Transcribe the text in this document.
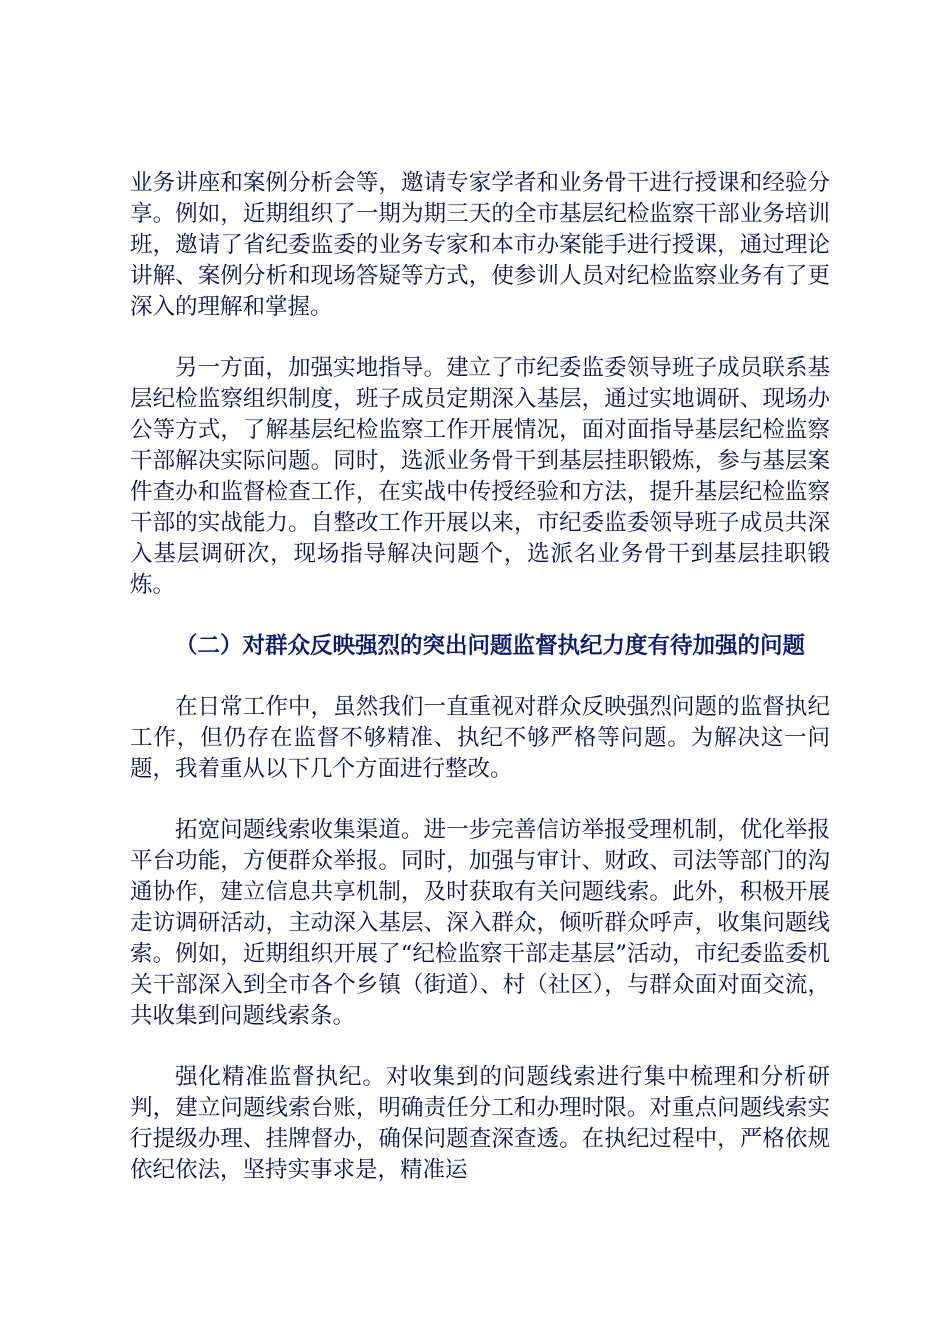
业务讲座和案例分析会等，邀请专家学者和业务骨干进行授课和经验分享。例如，近期组织了一期为期三天的全市基层纪检监察干部业务培训班，邀请了省纪委监委的业务专家和本市办案能手进行授课，通过理论讲解、案例分析和现场答疑等方式，使参训人员对纪检监察业务有了更深入的理解和掌握。

另一方面，加强实地指导。建立了市纪委监委领导班子成员联系基层纪检监察组织制度，班子成员定期深入基层，通过实地调研、现场办公等方式，了解基层纪检监察工作开展情况，面对面指导基层纪检监察干部解决实际问题。同时，选派业务骨干到基层挂职锻炼，参与基层案件查办和监督检查工作，在实战中传授经验和方法，提升基层纪检监察干部的实战能力。自整改工作开展以来，市纪委监委领导班子成员共深入基层调研次，现场指导解决问题个，选派名业务骨干到基层挂职锻炼。

（二）对群众反映强烈的突出问题监督执纪力度有待加强的问题

在日常工作中，虽然我们一直重视对群众反映强烈问题的监督执纪工作，但仍存在监督不够精准、执纪不够严格等问题。为解决这一问题，我着重从以下几个方面进行整改。

拓宽问题线索收集渠道。进一步完善信访举报受理机制，优化举报平台功能，方便群众举报。同时，加强与审计、财政、司法等部门的沟通协作，建立信息共享机制，及时获取有关问题线索。此外，积极开展走访调研活动，主动深入基层、深入群众，倾听群众呼声，收集问题线索。例如，近期组织开展了“纪检监察干部走基层”活动，市纪委监委机关干部深入到全市各个乡镇（街道）、村（社区），与群众面对面交流，共收集到问题线索条。

强化精准监督执纪。对收集到的问题线索进行集中梳理和分析研判，建立问题线索台账，明确责任分工和办理时限。对重点问题线索实行提级办理、挂牌督办，确保问题查深查透。在执纪过程中，严格依规依纪依法，坚持实事求是，精准运
